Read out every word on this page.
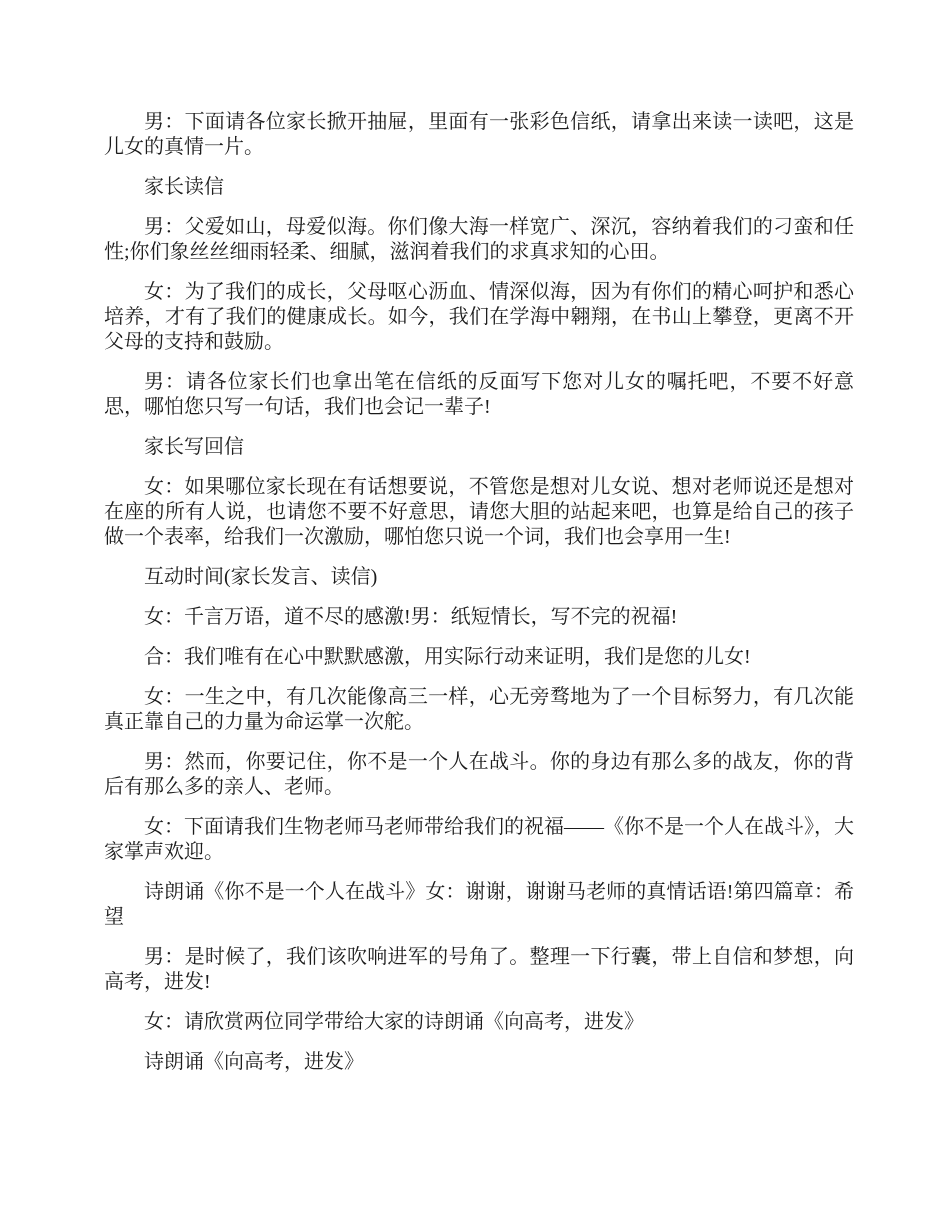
男：下面请各位家长掀开抽屉，里面有一张彩色信纸，请拿出来读一读吧，这是儿女的真情一片。

家长读信

男：父爱如山，母爱似海。你们像大海一样宽广、深沉，容纳着我们的刁蛮和任性;你们象丝丝细雨轻柔、细腻，滋润着我们的求真求知的心田。

女：为了我们的成长，父母呕心沥血、情深似海，因为有你们的精心呵护和悉心培养，才有了我们的健康成长。如今，我们在学海中翱翔，在书山上攀登，更离不开父母的支持和鼓励。

男：请各位家长们也拿出笔在信纸的反面写下您对儿女的嘱托吧，不要不好意思，哪怕您只写一句话，我们也会记一辈子!

家长写回信

女：如果哪位家长现在有话想要说，不管您是想对儿女说、想对老师说还是想对在座的所有人说，也请您不要不好意思，请您大胆的站起来吧，也算是给自己的孩子做一个表率，给我们一次激励，哪怕您只说一个词，我们也会享用一生!

互动时间(家长发言、读信)

女：千言万语，道不尽的感激!男：纸短情长，写不完的祝福!

合：我们唯有在心中默默感激，用实际行动来证明，我们是您的儿女!

女：一生之中，有几次能像高三一样，心无旁骛地为了一个目标努力，有几次能真正靠自己的力量为命运掌一次舵。

男：然而，你要记住，你不是一个人在战斗。你的身边有那么多的战友，你的背后有那么多的亲人、老师。

女：下面请我们生物老师马老师带给我们的祝福——《你不是一个人在战斗》，大家掌声欢迎。

诗朗诵《你不是一个人在战斗》女：谢谢，谢谢马老师的真情话语!第四篇章：希望

男：是时候了，我们该吹响进军的号角了。整理一下行囊，带上自信和梦想，向高考，进发!

女：请欣赏两位同学带给大家的诗朗诵《向高考，进发》

诗朗诵《向高考，进发》
